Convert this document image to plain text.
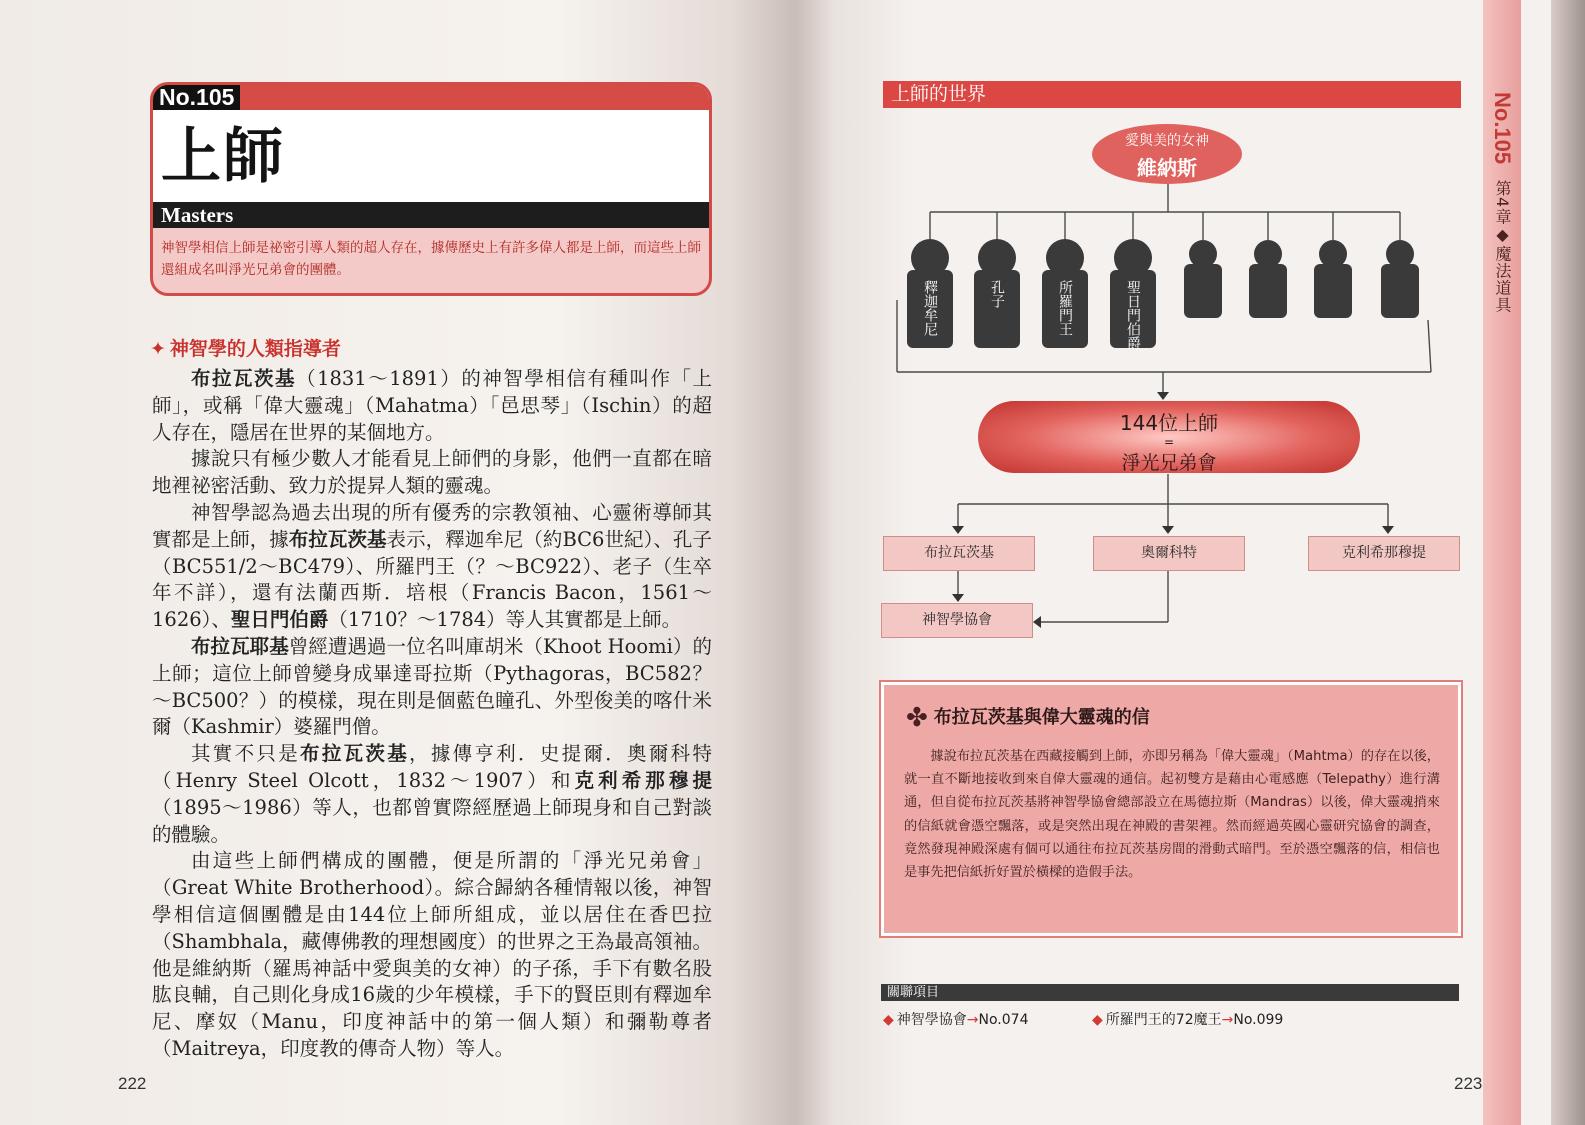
No.105
上師
Masters
神智學相信上師是祕密引導人類的超人存在，據傳歷史上有許多偉人都是上師，而這些上師還組成名叫淨光兄弟會的團體。
✦ 神智學的人類指導者

布拉瓦茨基（1831～1891）的神智學相信有種叫作「上師」，或稱「偉大靈魂」（Mahatma）「邑思琴」（Ischin）的超人存在，隱居在世界的某個地方。

據說只有極少數人才能看見上師們的身影，他們一直都在暗地裡祕密活動、致力於提昇人類的靈魂。

神智學認為過去出現的所有優秀的宗教領袖、心靈術導師其實都是上師，據布拉瓦茨基表示，釋迦牟尼（約BC6世紀）、孔子（BC551/2～BC479）、所羅門王（？～BC922）、老子（生卒年不詳），還有法蘭西斯．培根（Francis Bacon，1561～1626）、聖日門伯爵（1710？～1784）等人其實都是上師。

布拉瓦耶基曾經遭遇過一位名叫庫胡米（Khoot Hoomi）的上師；這位上師曾變身成畢達哥拉斯（Pythagoras，BC582？～BC500？）的模樣，現在則是個藍色瞳孔、外型俊美的喀什米爾（Kashmir）婆羅門僧。

其實不只是布拉瓦茨基，據傳亨利．史提爾．奧爾科特（Henry Steel Olcott，1832～1907）和克利希那穆提（1895～1986）等人，也都曾實際經歷過上師現身和自己對談的體驗。

由這些上師們構成的團體，便是所謂的「淨光兄弟會」（Great White Brotherhood）。綜合歸納各種情報以後，神智學相信這個團體是由144位上師所組成，並以居住在香巴拉（Shambhala，藏傳佛教的理想國度）的世界之王為最高領袖。他是維納斯（羅馬神話中愛與美的女神）的子孫，手下有數名股肱良輔，自己則化身成16歲的少年模樣，手下的賢臣則有釋迦牟尼、摩奴（Manu，印度神話中的第一個人類）和彌勒尊者（Maitreya，印度教的傳奇人物）等人。

222
No.105
第4章◆魔法道具
上師的世界
愛與美的女神
維納斯
釋迦牟尼	孔子	所羅門王	聖日門伯爵
144位上師
=
淨光兄弟會
布拉瓦茨基	奧爾科特	克利希那穆提
神智學協會
✤ 布拉瓦茨基與偉大靈魂的信
據說布拉瓦茨基在西藏接觸到上師，亦即另稱為「偉大靈魂」（Mahtma）的存在以後，就一直不斷地接收到來自偉大靈魂的通信。起初雙方是藉由心電感應（Telepathy）進行溝通，但自從布拉瓦茨基將神智學協會總部設立在馬德拉斯（Mandras）以後，偉大靈魂捎來的信紙就會憑空飄落，或是突然出現在神殿的書架裡。然而經過英國心靈研究協會的調查，竟然發現神殿深處有個可以通往布拉瓦茨基房間的滑動式暗門。至於憑空飄落的信，相信也是事先把信紙折好置於橫樑的造假手法。
關聯項目
◆ 神智學協會→No.074	◆ 所羅門王的72魔王→No.099
223
